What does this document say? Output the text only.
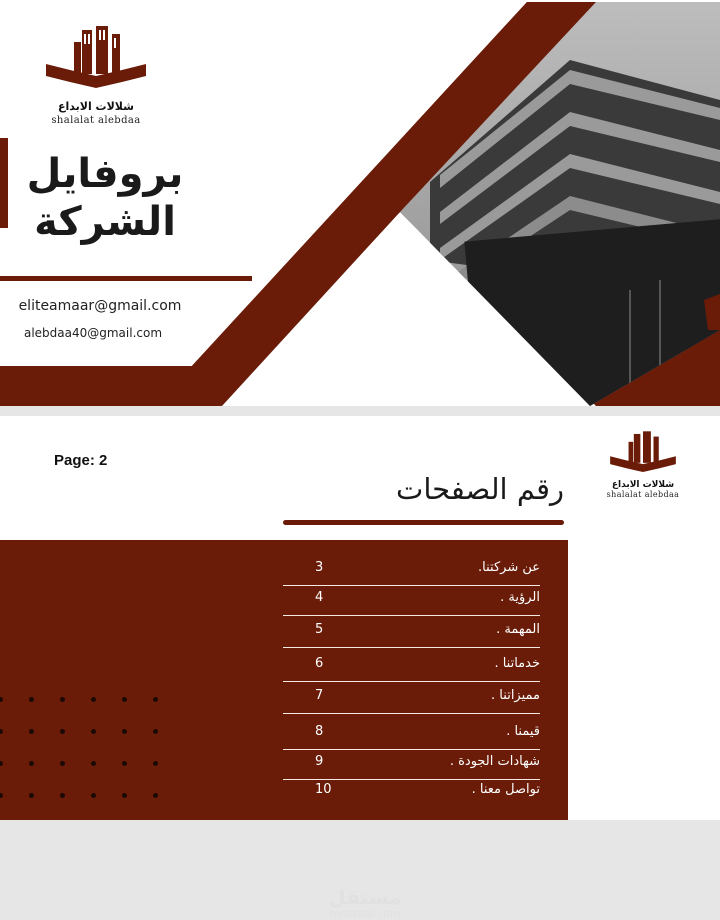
شلالات الابداع
shalalat alebdaa
بروفايل
الشركة
eliteamaar@gmail.com
alebdaa40@gmail.com
Page: 2
شلالات الابداع
shalalat alebdaa
رقم الصفحات
عن شركتنا.
3
الرؤية .
4
المهمة .
5
خدماتنا .
6
مميزاتنا .
7
قيمنا .
8
شهادات الجودة .
9
تواصل معنا .
10
مستقل
mostaql.com
